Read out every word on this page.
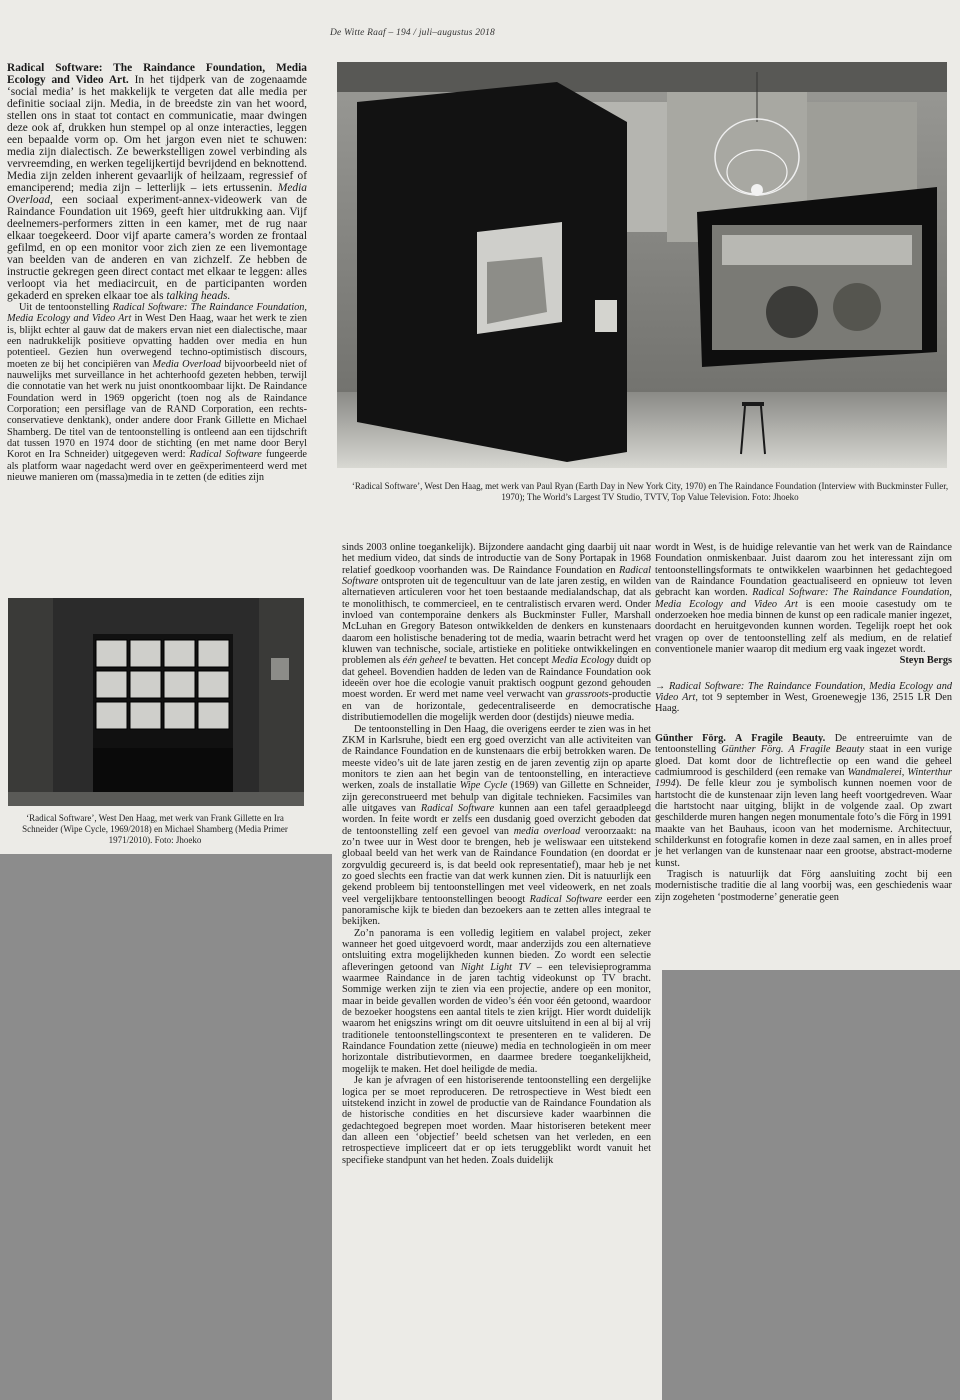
De Witte Raaf – 194 / juli–augustus 2018

Radical Software: The Raindance Foundation, Media Ecology and Video Art. In het tijdperk van de zogenaamde ‘social media’ is het makkelijk te vergeten dat alle media per definitie sociaal zijn. Media, in de breedste zin van het woord, stellen ons in staat tot contact en communicatie, maar dwingen deze ook af, drukken hun stempel op al onze interacties, leggen een bepaalde vorm op. Om het jargon even niet te schuwen: media zijn dialectisch. Ze bewerkstelligen zowel verbinding als vervreemding, en werken tegelijkertijd bevrijdend en beknottend. Media zijn zelden inherent gevaarlijk of heilzaam, regressief of emanciperend; media zijn – letterlijk – iets ertussenin. Media Overload, een sociaal experiment-annex-videowerk van de Raindance Foundation uit 1969, geeft hier uitdrukking aan. Vijf deelnemers-performers zitten in een kamer, met de rug naar elkaar toegekeerd. Door vijf aparte camera’s worden ze frontaal gefilmd, en op een monitor voor zich zien ze een livemontage van beelden van de anderen en van zichzelf. Ze hebben de instructie gekregen geen direct contact met elkaar te leggen: alles verloopt via het mediacircuit, en de participanten worden gekaderd en spreken elkaar toe als talking heads.

Uit de tentoonstelling Radical Software: The Raindance Foundation, Media Ecology and Video Art in West Den Haag, waar het werk te zien is, blijkt echter al gauw dat de makers ervan niet een dialectische, maar een nadrukkelijk positieve opvatting hadden over media en hun potentieel. Gezien hun overwegend techno-optimistisch discours, moeten ze bij het concipiëren van Media Overload bijvoorbeeld niet of nauwelijks met surveillance in het achterhoofd gezeten hebben, terwijl die connotatie van het werk nu juist onontkoombaar lijkt. De Raindance Foundation werd in 1969 opgericht (toen nog als de Raindance Corporation; een persiflage van de RAND Corporation, een rechts-conservatieve denktank), onder andere door Frank Gillette en Michael Shamberg. De titel van de tentoonstelling is ontleend aan een tijdschrift dat tussen 1970 en 1974 door de stichting (en met name door Beryl Korot en Ira Schneider) uitgegeven werd: Radical Software fungeerde als platform waar nagedacht werd over en geëxperimenteerd werd met nieuwe manieren om (massa)media in te zetten (de edities zijn

‘Radical Software’, West Den Haag, met werk van Paul Ryan (Earth Day in New York City, 1970) en The Raindance Foundation (Interview with Buckminster Fuller, 1970); The World’s Largest TV Studio, TVTV, Top Value Television. Foto: Jhoeko
‘Radical Software’, West Den Haag, met werk van Frank Gillette en Ira Schneider (Wipe Cycle, 1969/2018) en Michael Shamberg (Media Primer 1971/2010). Foto: Jhoeko

sinds 2003 online toegankelijk). Bijzondere aandacht ging daarbij uit naar het medium video, dat sinds de introductie van de Sony Portapak in 1968 relatief goedkoop voorhanden was. De Raindance Foundation en Radical Software ontsproten uit de tegencultuur van de late jaren zestig, en wilden alternatieven articuleren voor het toen bestaande medialandschap, dat als te monolithisch, te commercieel, en te centralistisch ervaren werd. Onder invloed van contemporaine denkers als Buckminster Fuller, Marshall McLuhan en Gregory Bateson ontwikkelden de denkers en kunstenaars daarom een holistische benadering tot de media, waarin betracht werd het kluwen van technische, sociale, artistieke en politieke ontwikkelingen en problemen als één geheel te bevatten. Het concept Media Ecology duidt op dat geheel. Bovendien hadden de leden van de Raindance Foundation ook ideeën over hoe die ecologie vanuit praktisch oogpunt gezond gehouden moest worden. Er werd met name veel verwacht van grassroots-productie en van de horizontale, gedecentraliseerde en democratische distributiemodellen die mogelijk werden door (destijds) nieuwe media.

De tentoonstelling in Den Haag, die overigens eerder te zien was in het ZKM in Karlsruhe, biedt een erg goed overzicht van alle activiteiten van de Raindance Foundation en de kunstenaars die erbij betrokken waren. De meeste video’s uit de late jaren zestig en de jaren zeventig zijn op aparte monitors te zien aan het begin van de tentoonstelling, en interactieve werken, zoals de installatie Wipe Cycle (1969) van Gillette en Schneider, zijn gereconstrueerd met behulp van digitale technieken. Facsimiles van alle uitgaves van Radical Software kunnen aan een tafel geraadpleegd worden. In feite wordt er zelfs een dusdanig goed overzicht geboden dat de tentoonstelling zelf een gevoel van media overload veroorzaakt: na zo’n twee uur in West door te brengen, heb je weliswaar een uitstekend globaal beeld van het werk van de Raindance Foundation (en doordat er zorgvuldig gecureerd is, is dat beeld ook representatief), maar heb je net zo goed slechts een fractie van dat werk kunnen zien. Dit is natuurlijk een gekend probleem bij tentoonstellingen met veel videowerk, en net zoals veel vergelijkbare tentoonstellingen beoogt Radical Software eerder een panoramische kijk te bieden dan bezoekers aan te zetten alles integraal te bekijken.

Zo’n panorama is een volledig legitiem en valabel project, zeker wanneer het goed uitgevoerd wordt, maar anderzijds zou een alternatieve ontsluiting extra mogelijkheden kunnen bieden. Zo wordt een selectie afleveringen getoond van Night Light TV – een televisieprogramma waarmee Raindance in de jaren tachtig videokunst op TV bracht. Sommige werken zijn te zien via een projectie, andere op een monitor, maar in beide gevallen worden de video’s één voor één getoond, waardoor de bezoeker hoogstens een aantal titels te zien krijgt. Hier wordt duidelijk waarom het enigszins wringt om dit oeuvre uitsluitend in een al bij al vrij traditionele tentoonstellingscontext te presenteren en te valideren. De Raindance Foundation zette (nieuwe) media en technologieën in om meer horizontale distributievormen, en daarmee bredere toegankelijkheid, mogelijk te maken. Het doel heiligde de media.

Je kan je afvragen of een historiserende tentoonstelling een dergelijke logica per se moet reproduceren. De retrospectieve in West biedt een uitstekend inzicht in zowel de productie van de Raindance Foundation als de historische condities en het discursieve kader waarbinnen die gedachtegoed begrepen moet worden. Maar historiseren betekent meer dan alleen een ‘objectief’ beeld schetsen van het verleden, en een retrospectieve impliceert dat er op iets teruggeblikt wordt vanuit het specifieke standpunt van het heden. Zoals duidelijk

wordt in West, is de huidige relevantie van het werk van de Raindance Foundation onmiskenbaar. Juist daarom zou het interessant zijn om tentoonstellingsformats te ontwikkelen waarbinnen het gedachtegoed van de Raindance Foundation geactualiseerd en opnieuw tot leven gebracht kan worden. Radical Software: The Raindance Foundation, Media Ecology and Video Art is een mooie casestudy om te onderzoeken hoe media binnen de kunst op een radicale manier ingezet, doordacht en heruitgevonden kunnen worden. Tegelijk roept het ook vragen op over de tentoonstelling zelf als medium, en de relatief conventionele manier waarop dit medium erg vaak ingezet wordt.

Steyn Bergs

→ Radical Software: The Raindance Foundation, Media Ecology and Video Art, tot 9 september in West, Groenewegje 136, 2515 LR Den Haag.

Günther Förg. A Fragile Beauty. De entreeruimte van de tentoonstelling Günther Förg. A Fragile Beauty staat in een vurige gloed. Dat komt door de lichtreflectie op een wand die geheel cadmiumrood is geschilderd (een remake van Wandmalerei, Winterthur 1994). De felle kleur zou je symbolisch kunnen noemen voor de hartstocht die de kunstenaar zijn leven lang heeft voortgedreven. Waar die hartstocht naar uitging, blijkt in de volgende zaal. Op zwart geschilderde muren hangen negen monumentale foto’s die Förg in 1991 maakte van het Bauhaus, icoon van het modernisme. Architectuur, schilderkunst en fotografie komen in deze zaal samen, en in alles proef je het verlangen van de kunstenaar naar een grootse, abstract-moderne kunst.

Tragisch is natuurlijk dat Förg aansluiting zocht bij een modernistische traditie die al lang voorbij was, een geschiedenis waar zijn zogeheten ‘postmoderne’ generatie geen
